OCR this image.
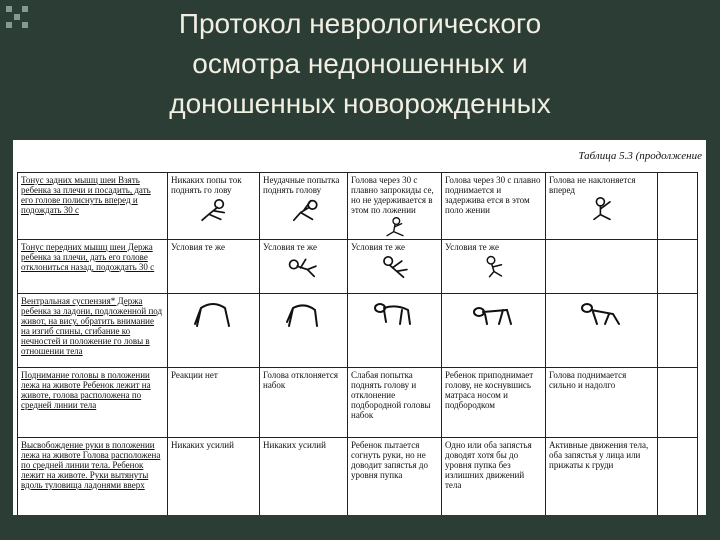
Протокол неврологического
осмотра недоношенных и
доношенных новорожденных
Таблица 5.3 (продолжение
Тонус задних мышц шеи Взять ребенка за плечи и посадить, дать его голове полиснуть вперед и подождать 30 с	Никаких попы ток поднять го лову	Неудачные попытка поднять голову	Голова через 30 с плавно запрокиды се, но не удерживается в этом по ложении	Голова через 30 с плавно поднимается и задержива ется в этом поло жении	Голова не наклоняется вперед

Тонус передних мышц шеи Держа ребенка за плечи, дать его голове отклониться назад, подождать 30 с	Условия те же	Условия те же	Условия те же	Условия те же

Вентральная суспензия* Держа ребенка за ладони, подложенной под живот, на вису, обратить внимание на изгиб спины, сгибание ко нечностей и положение го ловы в отношении тела	

Поднимание головы в положении лежа на животе Ребенок лежит на животе, голова расположена по средней линии тела	Реакции нет	Голова отклоняется набок	Слабая попытка поднять голову и отклонение подбородной головы набок	Ребенок приподнимает голову, не коснувшись матраса носом и подбородком	Голова поднимается сильно и надолго	
Высвобождение руки в положении лежа на животе Голова расположена по средней линии тела. Ребенок лежит на животе. Руки вытянуты вдоль туловища ладонями вверх	Никаких усилий	Никаких усилий	Ребенок пытается согнуть руки, но не доводит запястья до уровня пупка	Одно или оба запястья доводят хотя бы до уровня пупка без излишних движений тела	Активные движения тела, оба запястья у лица или прижаты к груди	
